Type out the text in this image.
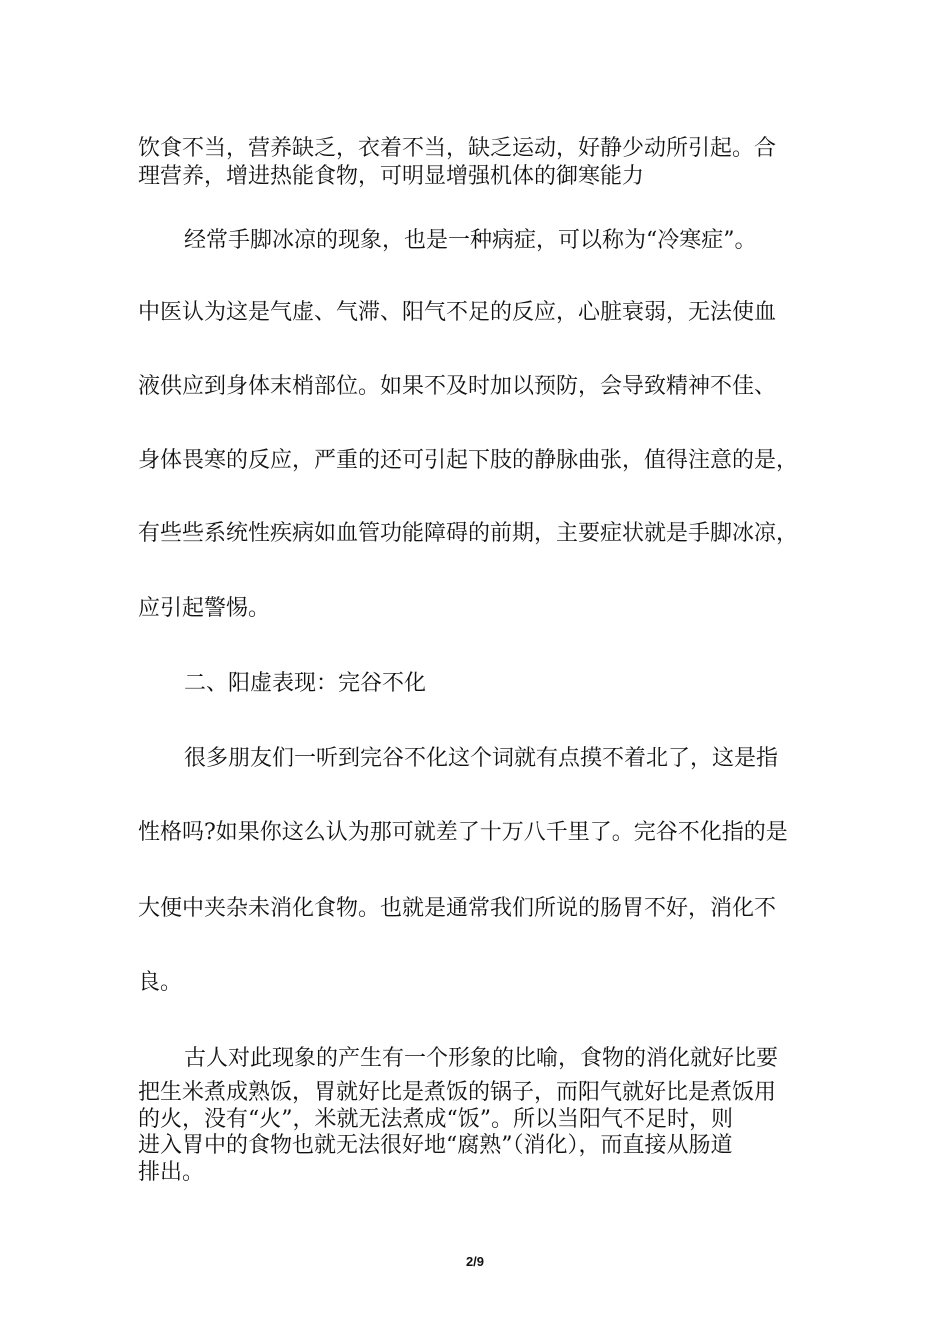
饮食不当，营养缺乏，衣着不当，缺乏运动，好静少动所引起。合

理营养，增进热能食物，可明显增强机体的御寒能力

经常手脚冰凉的现象，也是一种病症，可以称为“冷寒症”。

中医认为这是气虚、气滞、阳气不足的反应，心脏衰弱，无法使血

液供应到身体末梢部位。如果不及时加以预防，会导致精神不佳、

身体畏寒的反应，严重的还可引起下肢的静脉曲张，值得注意的是，

有些些系统性疾病如血管功能障碍的前期，主要症状就是手脚冰凉，

应引起警惕。

二、阳虚表现：完谷不化

很多朋友们一听到完谷不化这个词就有点摸不着北了，这是指

性格吗?如果你这么认为那可就差了十万八千里了。完谷不化指的是

大便中夹杂未消化食物。也就是通常我们所说的肠胃不好，消化不

良。

古人对此现象的产生有一个形象的比喻，食物的消化就好比要

把生米煮成熟饭，胃就好比是煮饭的锅子，而阳气就好比是煮饭用

的火，没有“火”，米就无法煮成“饭”。所以当阳气不足时，则

进入胃中的食物也就无法很好地“腐熟”（消化），而直接从肠道

排出。

2/9
